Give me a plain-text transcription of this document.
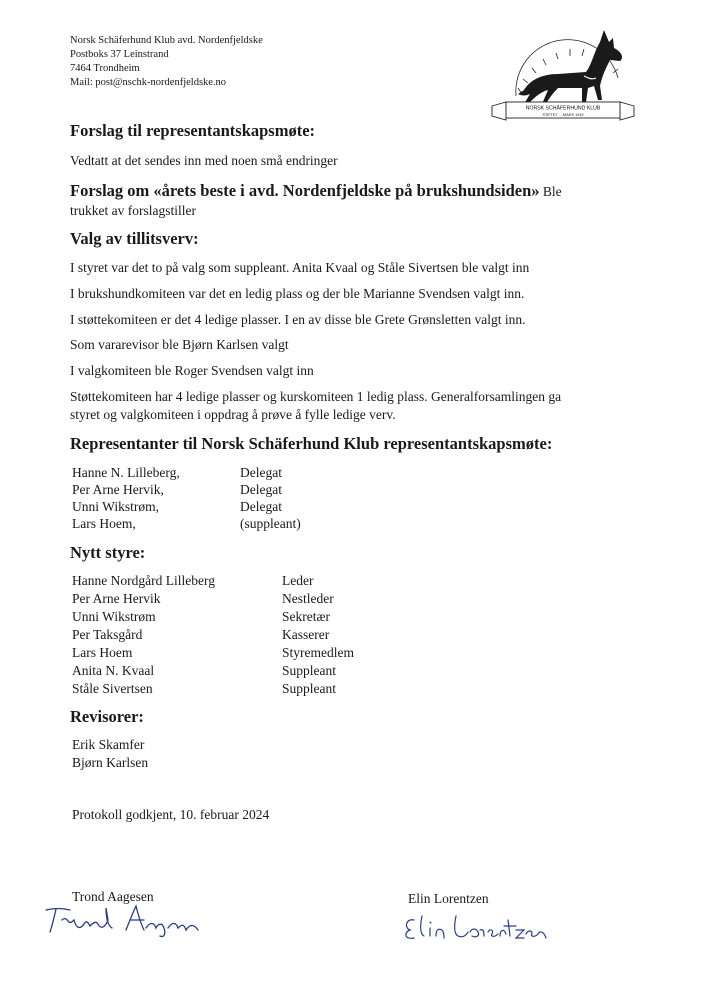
Norsk Schäferhund Klub avd. Nordenfjeldske
Postboks 37 Leinstrand
7464 Trondheim
Mail: post@nschk-nordenfjeldske.no
NORSK SCHÄFERHUND KLUB
STIFTET ... MARS 1919
Forslag til representantskapsmøte:
Vedtatt at det sendes inn med noen små endringer
Forslag om «årets beste i avd. Nordenfjeldske på brukshundsiden» Ble
trukket av forslagstiller
Valg av tillitsverv:
I styret var det to på valg som suppleant. Anita Kvaal og Ståle Sivertsen ble valgt inn
I brukshundkomiteen var det en ledig plass og der ble Marianne Svendsen valgt inn.
I støttekomiteen er det 4 ledige plasser. I en av disse ble Grete Grønsletten valgt inn.
Som vararevisor ble Bjørn Karlsen valgt
I valgkomiteen ble Roger Svendsen valgt inn
Støttekomiteen har 4 ledige plasser og kurskomiteen 1 ledig plass. Generalforsamlingen ga
styret og valgkomiteen i oppdrag å prøve å fylle ledige verv.
Representanter til Norsk Schäferhund Klub representantskapsmøte:
Hanne N. Lilleberg,	Delegat
Per Arne Hervik,	Delegat
Unni Wikstrøm,	Delegat
Lars Hoem,	(suppleant)
Nytt styre:
Hanne Nordgård Lilleberg	Leder
Per Arne Hervik	Nestleder
Unni Wikstrøm	Sekretær
Per Taksgård	Kasserer
Lars Hoem	Styremedlem
Anita N. Kvaal	Suppleant
Ståle Sivertsen	Suppleant
Revisorer:
Erik Skamfer
Bjørn Karlsen
Protokoll godkjent, 10. februar 2024
Trond Aagesen	Elin Lorentzen
